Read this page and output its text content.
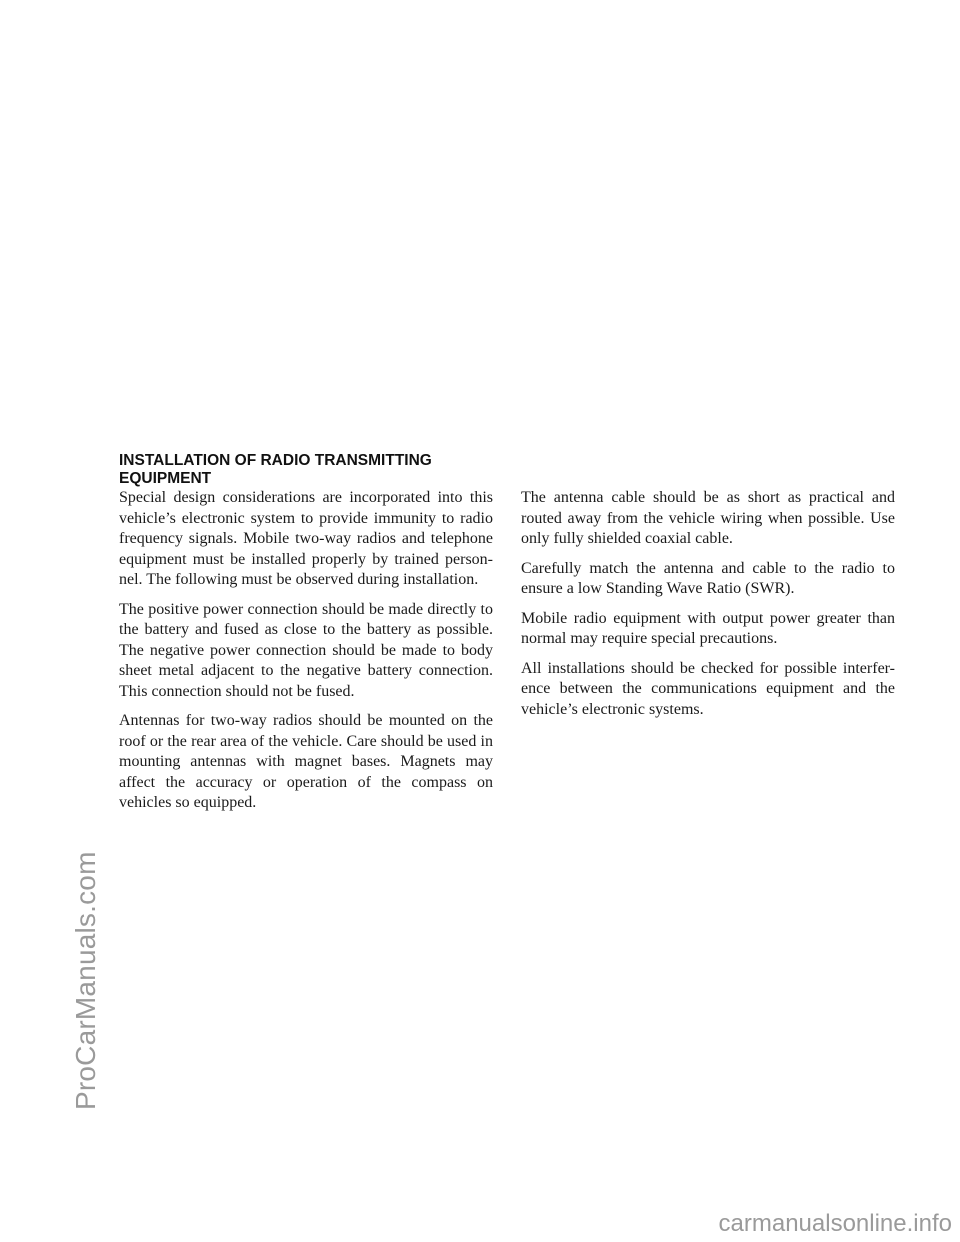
ProCarManuals.com
INSTALLATION OF RADIO TRANSMITTING
EQUIPMENT

Special design considerations are incorporated into this vehicle’s electronic system to provide immunity to radio frequency signals. Mobile two-way radios and telephone equipment must be installed properly by trained person-nel. The following must be observed during installation.

The positive power connection should be made directly to the battery and fused as close to the battery as possible. The negative power connection should be made to body sheet metal adjacent to the negative battery connection. This connection should not be fused.

Antennas for two-way radios should be mounted on the roof or the rear area of the vehicle. Care should be used in mounting antennas with magnet bases. Magnets may affect the accuracy or operation of the compass on vehicles so equipped.

The antenna cable should be as short as practical and routed away from the vehicle wiring when possible. Use only fully shielded coaxial cable.

Carefully match the antenna and cable to the radio to ensure a low Standing Wave Ratio (SWR).

Mobile radio equipment with output power greater than normal may require special precautions.

All installations should be checked for possible interfer-ence between the communications equipment and the vehicle’s electronic systems.

carmanualsonline.info
